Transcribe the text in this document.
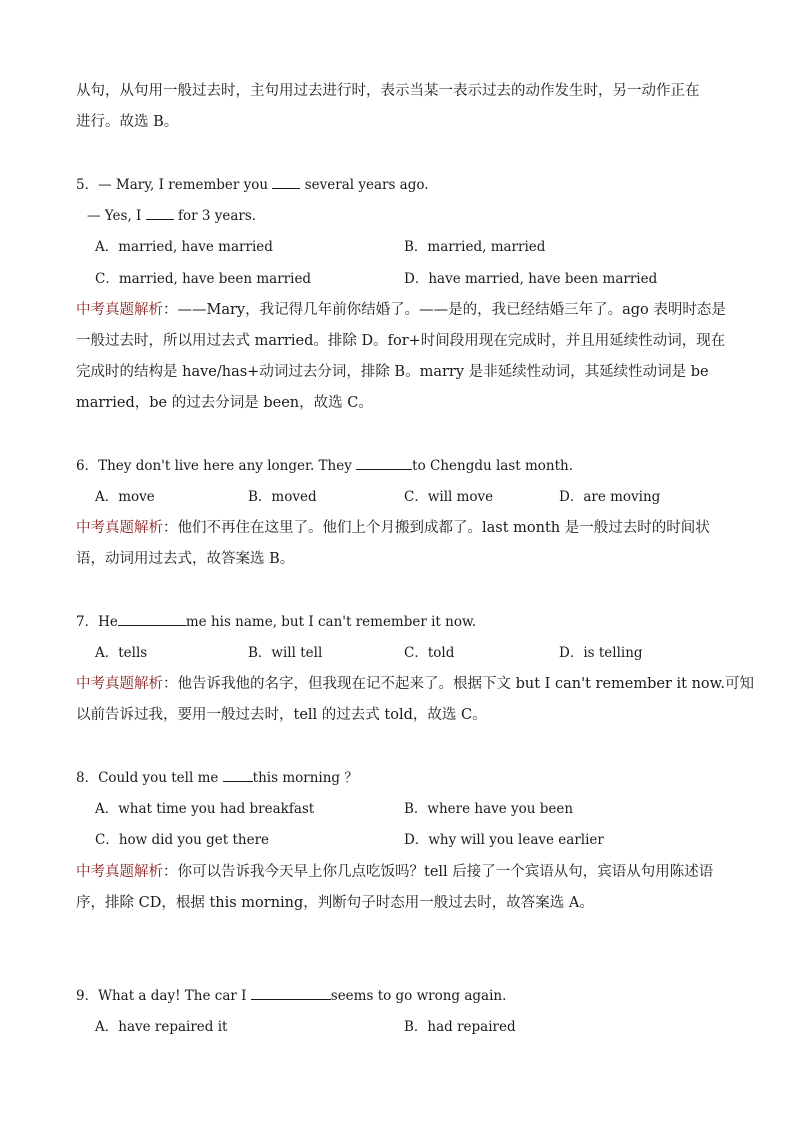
从句，从句用一般过去时，主句用过去进行时，表示当某一表示过去的动作发生时，另一动作正在
进行。故选 B。
5．— Mary, I remember you	several years ago.
— Yes, I	for 3 years.
A．married, have married	B．married, married
C．married, have been married	D．have married, have been married
中考真题解析：——Mary，我记得几年前你结婚了。——是的，我已经结婚三年了。ago 表明时态是
一般过去时，所以用过去式 married。排除 D。for+时间段用现在完成时，并且用延续性动词，现在
完成时的结构是 have/has+动词过去分词，排除 B。marry 是非延续性动词，其延续性动词是 be
married，be 的过去分词是 been，故选 C。
6．They don't live here any longer. They	to Chengdu last month.
A．move	B．moved	C．will move	D．are moving
中考真题解析：他们不再住在这里了。他们上个月搬到成都了。last month 是一般过去时的时间状
语，动词用过去式，故答案选 B。
7．He	me his name, but I can't remember it now.
A．tells	B．will tell	C．told	D．is telling
中考真题解析：他告诉我他的名字，但我现在记不起来了。根据下文 but I can't remember it now.可知
以前告诉过我，要用一般过去时，tell 的过去式 told，故选 C。
8．Could you tell me	this morning ？
A．what time you had breakfast	B．where have you been
C．how did you get there	D．why will you leave earlier
中考真题解析：你可以告诉我今天早上你几点吃饭吗？tell 后接了一个宾语从句，宾语从句用陈述语
序，排除 CD，根据 this morning，判断句子时态用一般过去时，故答案选 A。
9．What a day! The car I	seems to go wrong again.
A．have repaired it	B．had repaired
